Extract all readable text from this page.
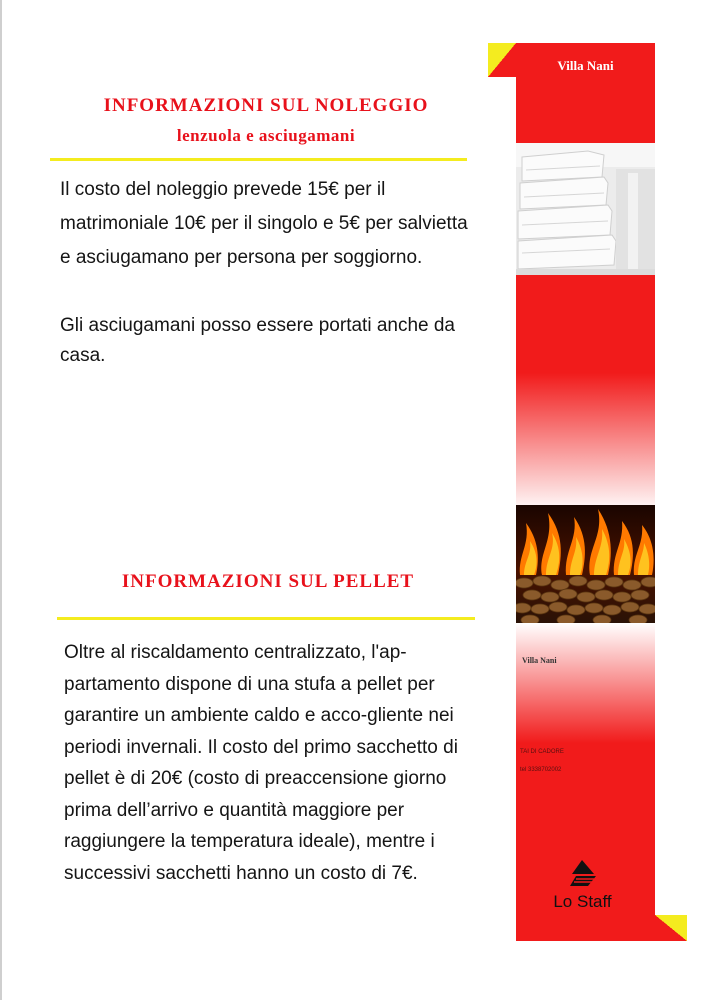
INFORMAZIONI SUL NOLEGGIO
lenzuola e asciugamani

Il costo del noleggio prevede 15€ per il matrimoniale 10€ per il singolo e 5€ per salvietta e asciugamano per persona per soggiorno.

Gli asciugamani posso essere portati anche da casa.

INFORMAZIONI SUL PELLET

Oltre al riscaldamento centralizzato, l'ap-partamento dispone di una stufa a pellet per garantire un ambiente caldo e acco-gliente nei periodi invernali. Il costo del primo sacchetto di pellet è di 20€ (costo di preaccensione giorno prima dell’arrivo e quantità maggiore per raggiungere la temperatura ideale), mentre i successivi sacchetti hanno un costo di 7€.

Villa Nani
Villa Nani
TAI DI CADORE
tel 3338702002
Lo Staff
